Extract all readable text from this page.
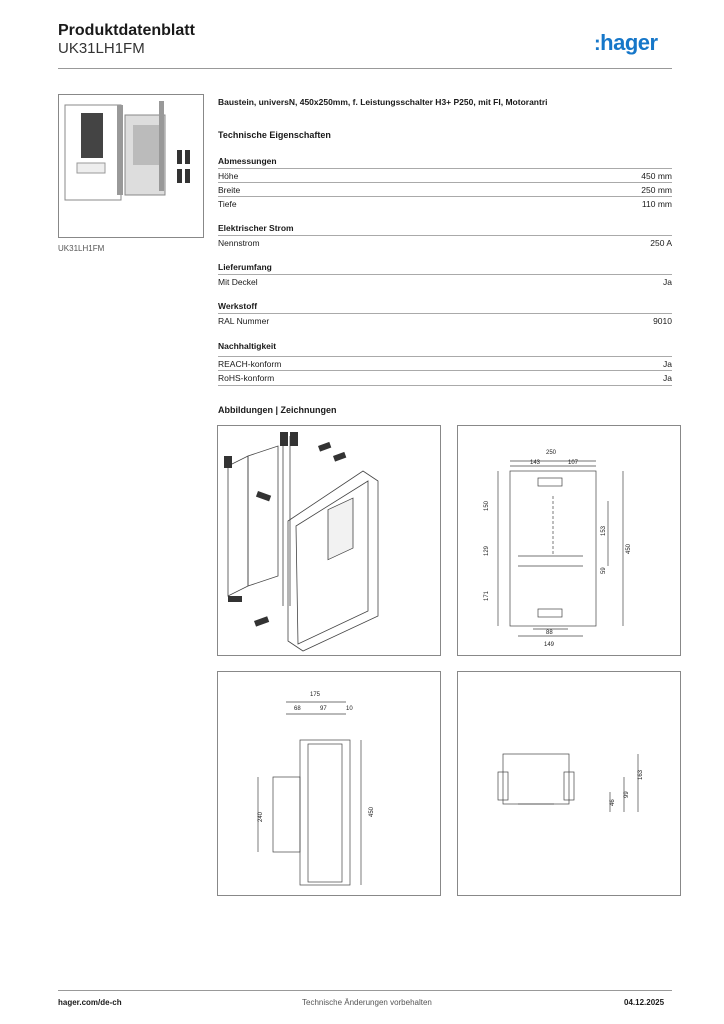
Produktdatenblatt
UK31LH1FM	:hager
UK31LH1FM
Baustein, universN, 450x250mm, f. Leistungsschalter H3+ P250, mit FI, Motorantri
Technische Eigenschaften
Abmessungen
Höhe	450 mm
Breite	250 mm
Tiefe	110 mm
Elektrischer Strom
Nennstrom	250 A
Lieferumfang
Mit Deckel	Ja
Werkstoff
RAL Nummer	9010
Nachhaltigkeit
REACH-konform	Ja
RoHS-konform	Ja
Abbildungen | Zeichnungen
250
143	107
150
129
171
153
59
450
88
149
175
68	97	10
240	450
163
99
46
hager.com/de-ch	Technische Änderungen vorbehalten	04.12.2025
